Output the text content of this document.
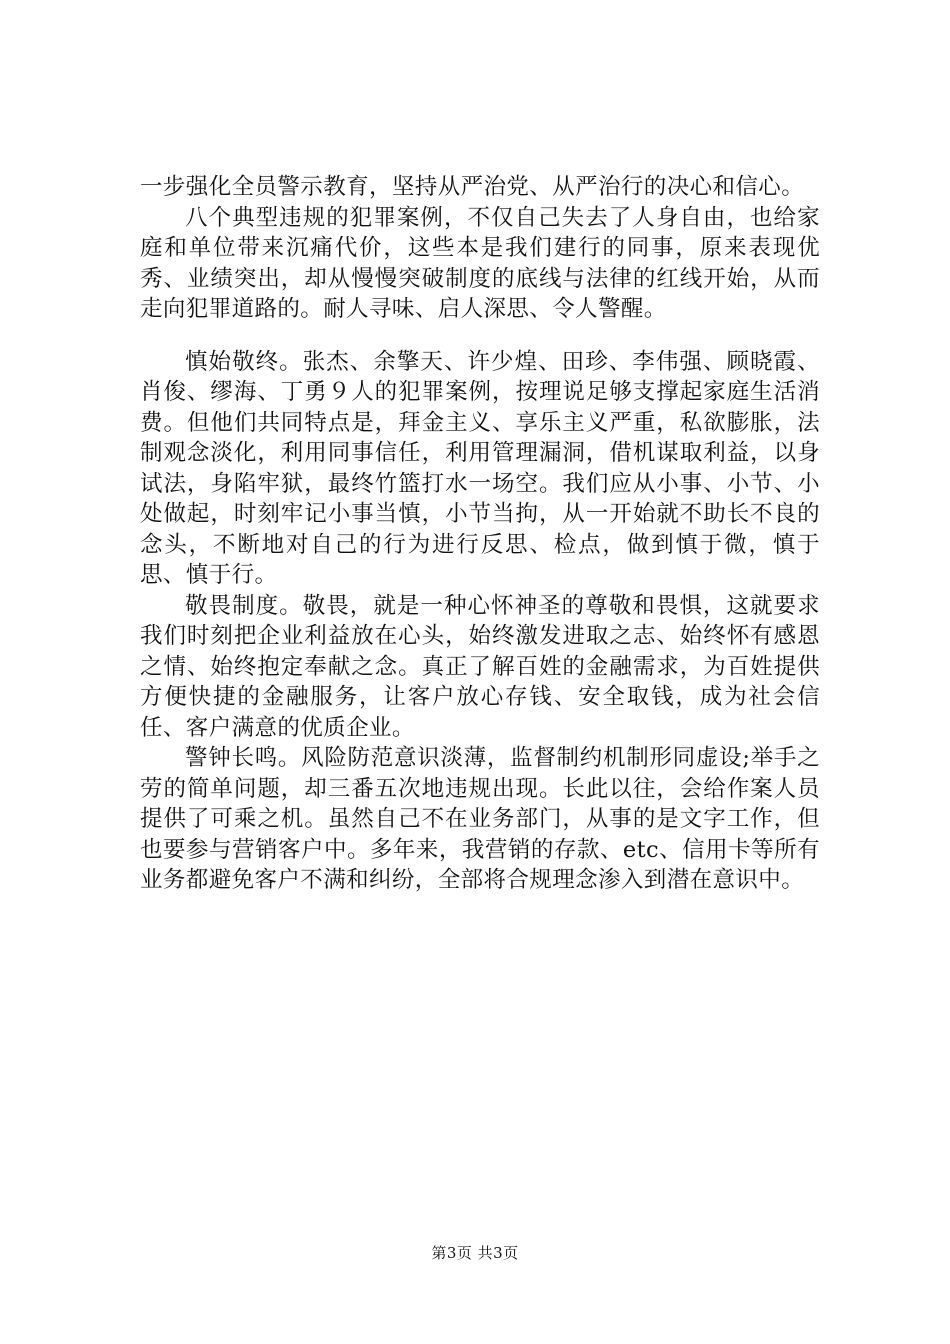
一步强化全员警示教育，坚持从严治党、从严治行的决心和信心。

八个典型违规的犯罪案例，不仅自己失去了人身自由，也给家庭和单位带来沉痛代价，这些本是我们建行的同事，原来表现优秀、业绩突出，却从慢慢突破制度的底线与法律的红线开始，从而走向犯罪道路的。耐人寻味、启人深思、令人警醒。

慎始敬终。张杰、余擎天、许少煌、田珍、李伟强、顾晓霞、肖俊、缪海、丁勇９人的犯罪案例，按理说足够支撑起家庭生活消费。但他们共同特点是，拜金主义、享乐主义严重，私欲膨胀，法制观念淡化，利用同事信任，利用管理漏洞，借机谋取利益，以身试法，身陷牢狱，最终竹篮打水一场空。我们应从小事、小节、小处做起，时刻牢记小事当慎，小节当拘，从一开始就不助长不良的念头，不断地对自己的行为进行反思、检点，做到慎于微，慎于思、慎于行。

敬畏制度。敬畏，就是一种心怀神圣的尊敬和畏惧，这就要求我们时刻把企业利益放在心头，始终激发进取之志、始终怀有感恩之情、始终抱定奉献之念。真正了解百姓的金融需求，为百姓提供方便快捷的金融服务，让客户放心存钱、安全取钱，成为社会信任、客户满意的优质企业。

警钟长鸣。风险防范意识淡薄，监督制约机制形同虚设;举手之劳的简单问题，却三番五次地违规出现。长此以往，会给作案人员提供了可乘之机。虽然自己不在业务部门，从事的是文字工作，但也要参与营销客户中。多年来，我营销的存款、etc、信用卡等所有业务都避免客户不满和纠纷，全部将合规理念渗入到潜在意识中。

第3页 共3页
